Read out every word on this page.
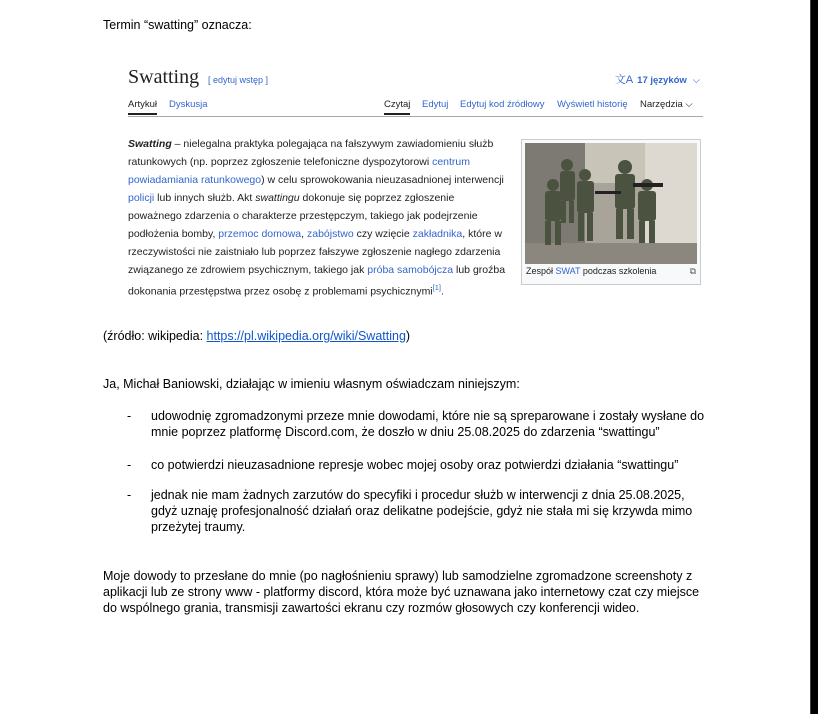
Termin “swatting” oznacza:
Swatting [ edytuj wstęp ]	文A 17 języków ⌵
Artykuł Dyskusja	Czytaj Edytuj Edytuj kod źródłowy Wyświetl historię Narzędzia ⌵
Swatting – nielegalna praktyka polegająca na fałszywym zawiadomieniu służb ratunkowych (np. poprzez zgłoszenie telefoniczne dyspozytorowi centrum powiadamiania ratunkowego) w celu sprowokowania nieuzasadnionej interwencji policji lub innych służb. Akt swattingu dokonuje się poprzez zgłoszenie poważnego zdarzenia o charakterze przestępczym, takiego jak podejrzenie podłożenia bomby, przemoc domowa, zabójstwo czy wzięcie zakładnika, które w rzeczywistości nie zaistniało lub poprzez fałszywe zgłoszenie nagłego zdarzenia związanego ze zdrowiem psychicznym, takiego jak próba samobójcza lub groźba dokonania przestępstwa przez osobę z problemami psychicznymi[1].
Zespół SWAT podczas szkolenia	⧉
(źródło: wikipedia: https://pl.wikipedia.org/wiki/Swatting)
Ja, Michał Baniowski, działając w imieniu własnym oświadczam niniejszym:
- udowodnię zgromadzonymi przeze mnie dowodami, które nie są spreparowane i zostały wysłane do mnie poprzez platformę Discord.com, że doszło w dniu 25.08.2025 do zdarzenia “swattingu”
- co potwierdzi nieuzasadnione represje wobec mojej osoby oraz potwierdzi działania “swattingu”
- jednak nie mam żadnych zarzutów do specyfiki i procedur służb w interwencji z dnia 25.08.2025, gdyż uznaję profesjonalność działań oraz delikatne podejście, gdyż nie stała mi się krzywda mimo przeżytej traumy.
Moje dowody to przesłane do mnie (po nagłośnieniu sprawy) lub samodzielne zgromadzone screenshoty z aplikacji lub ze strony www - platformy discord, która może być uznawana jako internetowy czat czy miejsce do wspólnego grania, transmisji zawartości ekranu czy rozmów głosowych czy konferencji wideo.
